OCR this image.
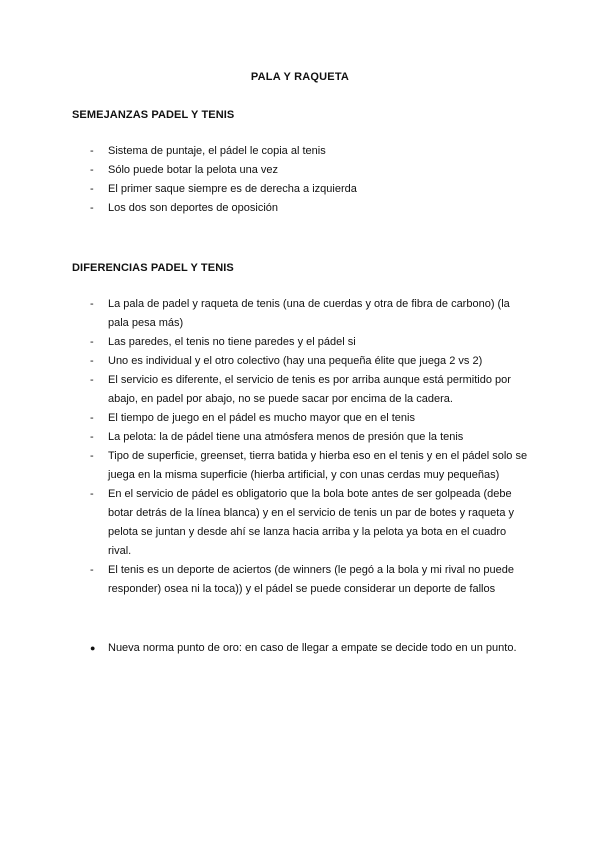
PALA Y RAQUETA
SEMEJANZAS PADEL Y TENIS
-	Sistema de puntaje, el pádel le copia al tenis
-	Sólo puede botar la pelota una vez
-	El primer saque siempre es de derecha a izquierda
-	Los dos son deportes de oposición
DIFERENCIAS PADEL Y TENIS
-	La pala de padel y raqueta de tenis (una de cuerdas y otra de fibra de carbono) (la pala pesa más)
-	Las paredes, el tenis no tiene paredes y el pádel si
-	Uno es individual y el otro colectivo (hay una pequeña élite que juega 2 vs 2)
-	El servicio es diferente, el servicio de tenis es por arriba aunque está permitido por abajo, en padel por abajo, no se puede sacar por encima de la cadera.
-	El tiempo de juego en el pádel es mucho mayor que en el tenis
-	La pelota: la de pádel tiene una atmósfera menos de presión que la tenis
-	Tipo de superficie, greenset, tierra batida y hierba eso en el tenis y en el pádel solo se juega en la misma superficie (hierba artificial, y con unas cerdas muy pequeñas)
-	En el servicio de pádel es obligatorio que la bola bote antes de ser golpeada (debe botar detrás de la línea blanca) y en el servicio de tenis un par de botes y raqueta y pelota se juntan y desde ahí se lanza hacia arriba y la pelota ya bota en el cuadro rival.
-	El tenis es un deporte de aciertos (de winners (le pegó a la bola y mi rival no puede responder) osea ni la toca)) y el pádel se puede considerar un deporte de fallos
●	Nueva norma punto de oro: en caso de llegar a empate se decide todo en un punto.
